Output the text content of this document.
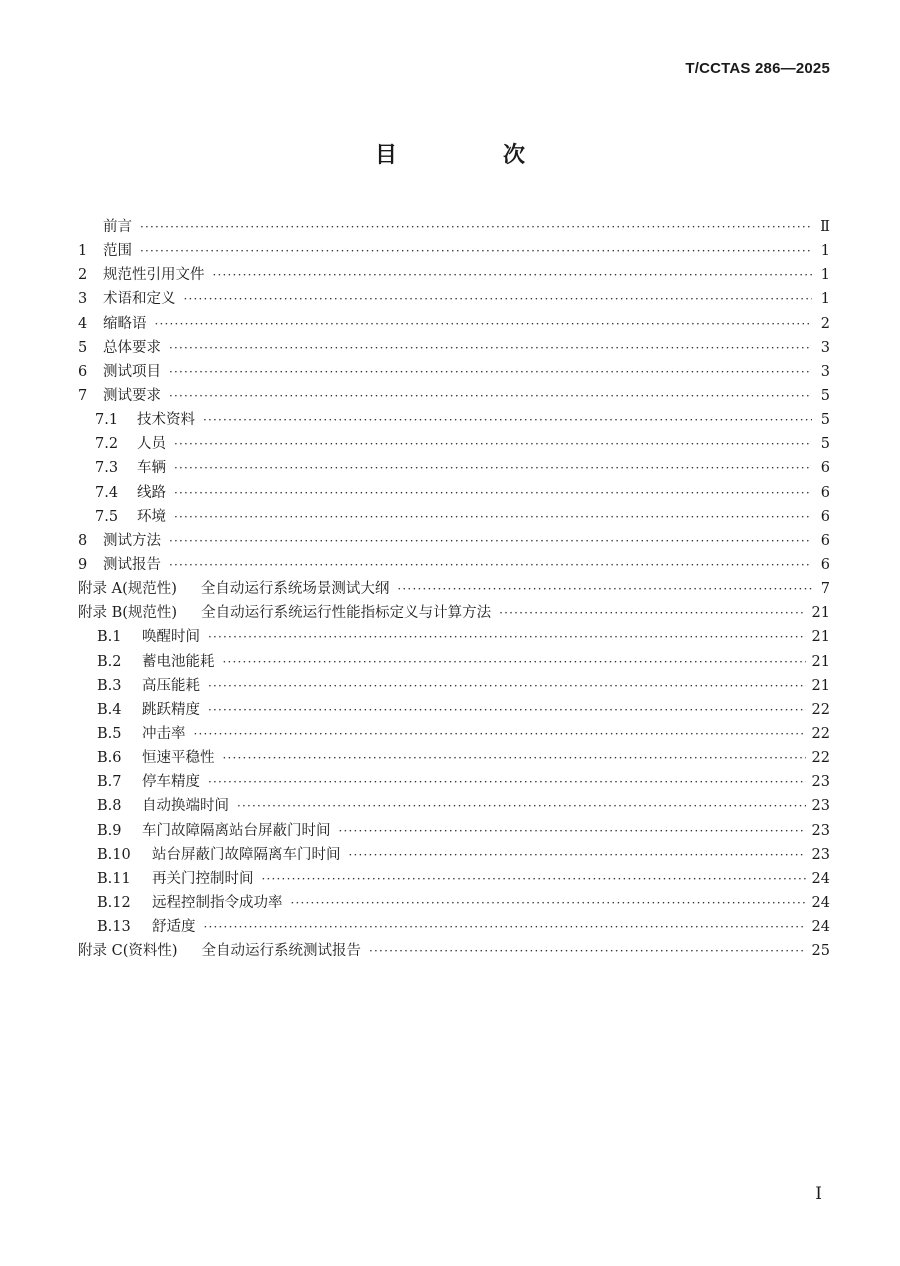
T/CCTAS 286—2025
目　次
前言 ·····	Ⅱ
1	范围 ·····	1
2	规范性引用文件 ·····	1
3	术语和定义 ·····	1
4	缩略语 ·····	2
5	总体要求 ·····	3
6	测试项目 ·····	3
7	测试要求 ·····	5
7.1	技术资料 ·····	5
7.2	人员 ·····	5
7.3	车辆 ·····	6
7.4	线路 ·····	6
7.5	环境 ·····	6
8	测试方法 ·····	6
9	测试报告 ·····	6
附录 A(规范性)	全自动运行系统场景测试大纲 ·····	7
附录 B(规范性)	全自动运行系统运行性能指标定义与计算方法 ·····	21
B.1	唤醒时间 ·····	21
B.2	蓄电池能耗 ·····	21
B.3	高压能耗 ·····	21
B.4	跳跃精度 ·····	22
B.5	冲击率 ·····	22
B.6	恒速平稳性 ·····	22
B.7	停车精度 ·····	23
B.8	自动换端时间 ·····	23
B.9	车门故障隔离站台屏蔽门时间 ·····	23
B.10	站台屏蔽门故障隔离车门时间 ·····	23
B.11	再关门控制时间 ·····	24
B.12	远程控制指令成功率 ·····	24
B.13	舒适度 ·····	24
附录 C(资料性)	全自动运行系统测试报告 ·····	25
I
